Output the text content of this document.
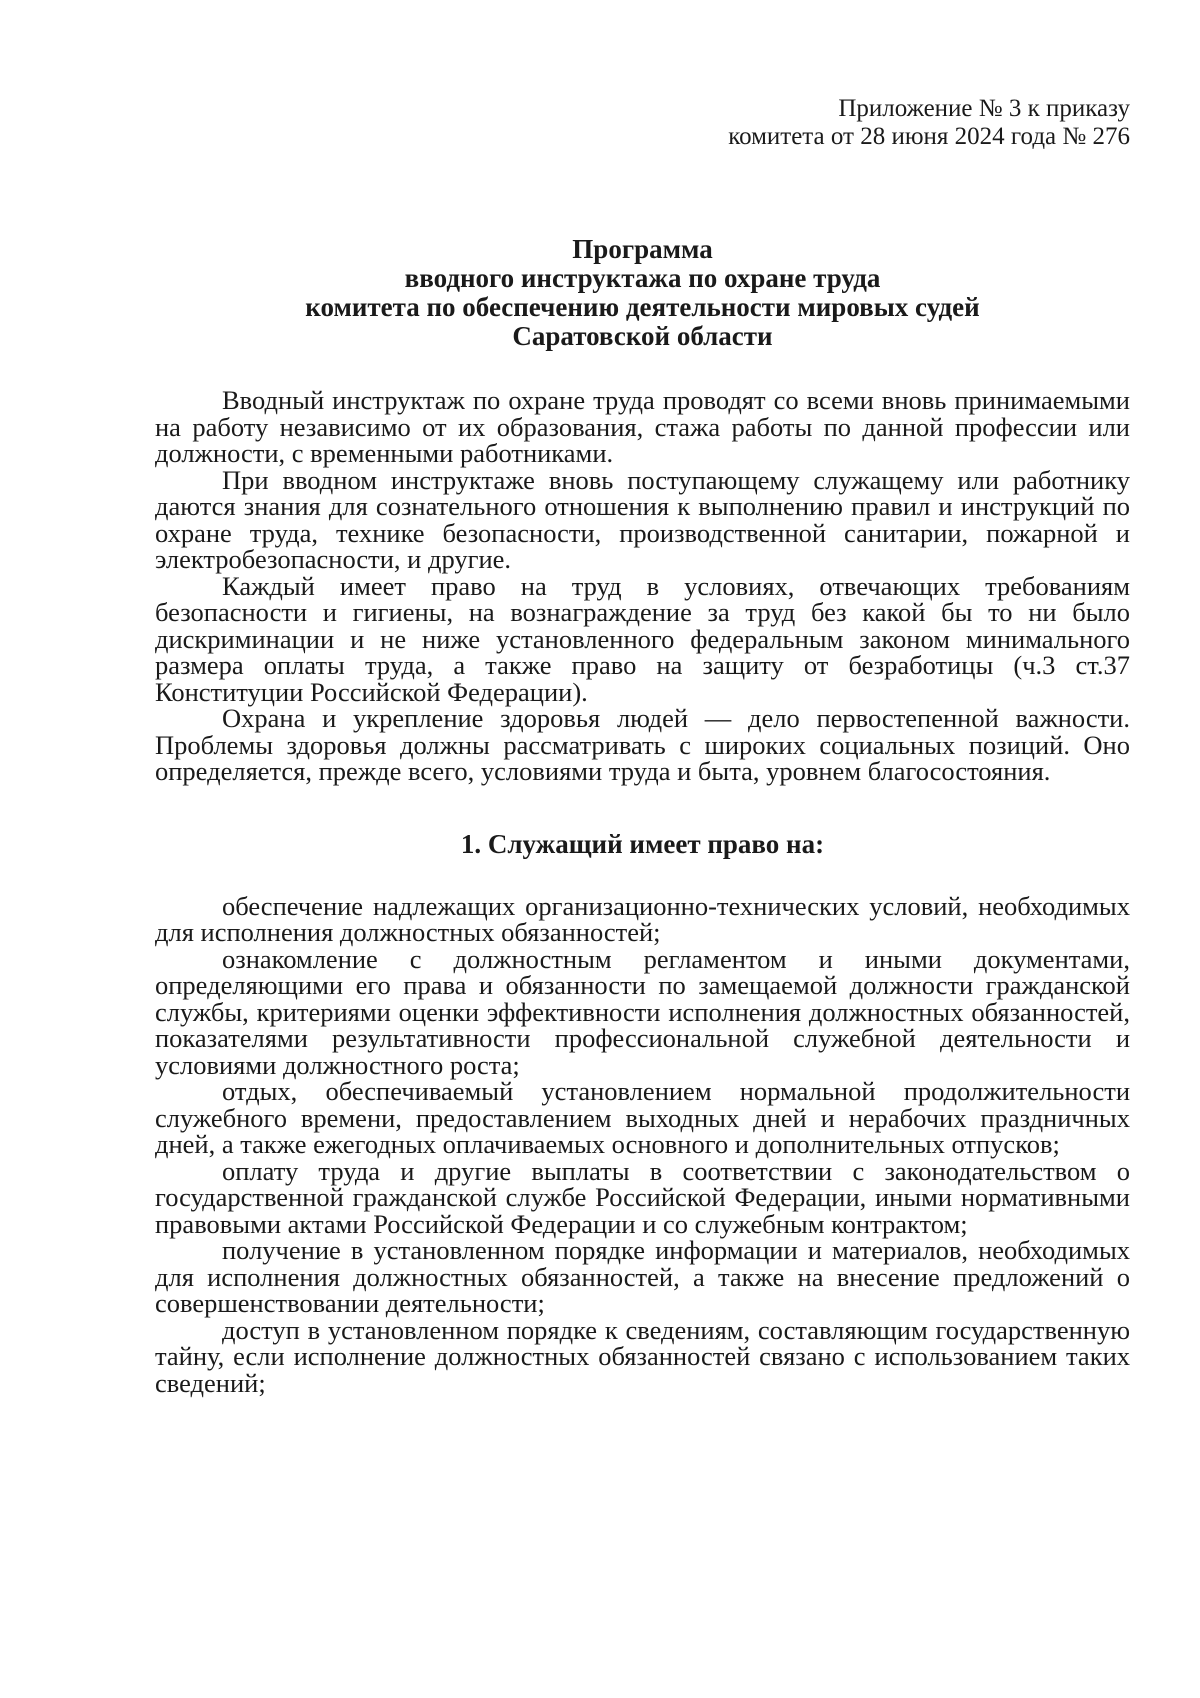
Приложение № 3 к приказу
комитета от 28 июня 2024 года № 276
Программа
вводного инструктажа по охране труда
комитета по обеспечению деятельности мировых судей
Саратовской области

Вводный инструктаж по охране труда проводят со всеми вновь принимаемыми на работу независимо от их образования, стажа работы по данной профессии или должности, с временными работниками.

При вводном инструктаже вновь поступающему служащему или работнику даются знания для сознательного отношения к выполнению правил и инструкций по охране труда, технике безопасности, производственной санитарии, пожарной и электробезопасности, и другие.

Каждый имеет право на труд в условиях, отвечающих требованиям безопасности и гигиены, на вознаграждение за труд без какой бы то ни было дискриминации и не ниже установленного федеральным законом минимального размера оплаты труда, а также право на защиту от безработицы (ч.3 ст.37 Конституции Российской Федерации).

Охрана и укрепление здоровья людей — дело первостепенной важности. Проблемы здоровья должны рассматривать с широких социальных позиций. Оно определяется, прежде всего, условиями труда и быта, уровнем благосостояния.

1. Служащий имеет право на:

обеспечение надлежащих организационно-технических условий, необходимых для исполнения должностных обязанностей;

ознакомление с должностным регламентом и иными документами, определяющими его права и обязанности по замещаемой должности гражданской службы, критериями оценки эффективности исполнения должностных обязанностей, показателями результативности профессиональной служебной деятельности и условиями должностного роста;

отдых, обеспечиваемый установлением нормальной продолжительности служебного времени, предоставлением выходных дней и нерабочих праздничных дней, а также ежегодных оплачиваемых основного и дополнительных отпусков;

оплату труда и другие выплаты в соответствии с законодательством о государственной гражданской службе Российской Федерации, иными нормативными правовыми актами Российской Федерации и со служебным контрактом;

получение в установленном порядке информации и материалов, необходимых для исполнения должностных обязанностей, а также на внесение предложений о совершенствовании деятельности;

доступ в установленном порядке к сведениям, составляющим государственную тайну, если исполнение должностных обязанностей связано с использованием таких сведений;
